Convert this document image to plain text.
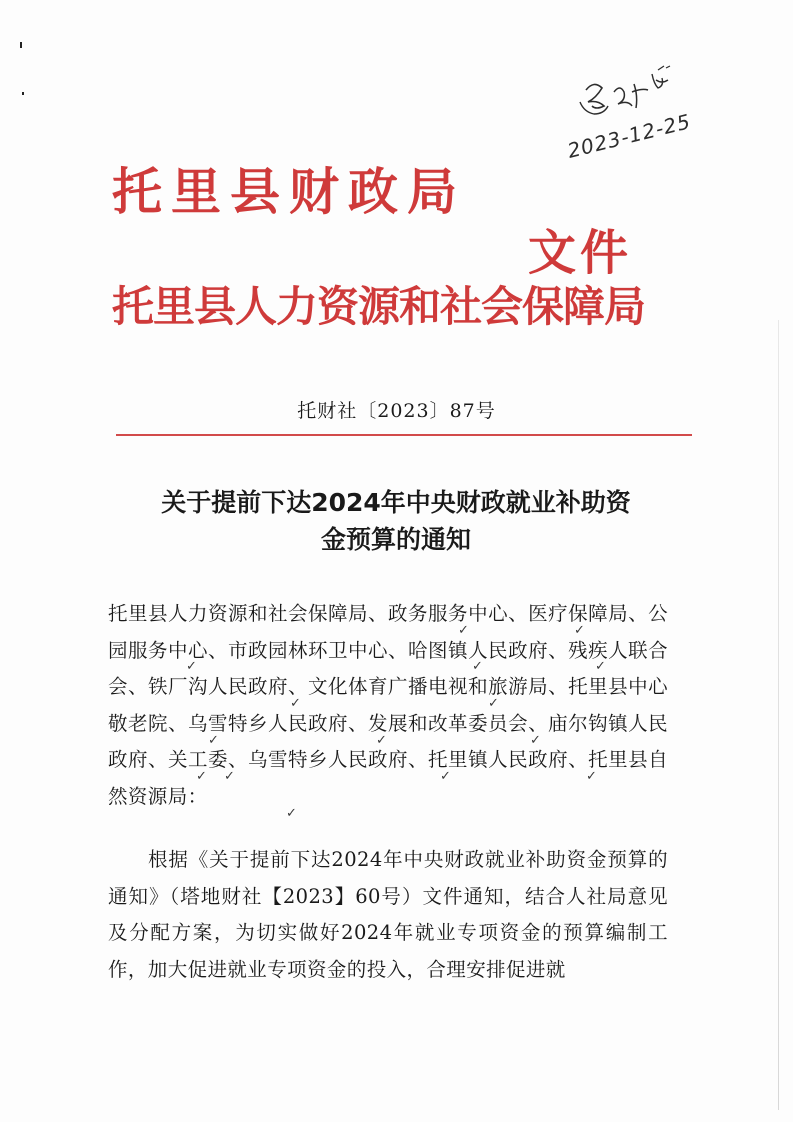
2023-12-25
托里县财政局
文件
托里县人力资源和社会保障局
托财社〔2023〕87号
关于提前下达2024年中央财政就业补助资
金预算的通知
托里县人力资源和社会保障局、政务服务中心、医疗保障局、公园服务中心、市政园林环卫中心、哈图镇人民政府、残疾人联合会、铁厂沟人民政府、文化体育广播电视和旅游局、托里县中心敬老院、乌雪特乡人民政府、发展和改革委员会、庙尔钩镇人民政府、关工委、乌雪特乡人民政府、托里镇人民政府、托里县自然资源局：
根据《关于提前下达2024年中央财政就业补助资金预算的通知》（塔地财社【2023】60号）文件通知，结合人社局意见及分配方案，为切实做好2024年就业专项资金的预算编制工作，加大促进就业专项资金的投入，合理安排促进就
✓	✓
✓	✓	✓
✓	✓
✓	✓	✓
✓ ✓	✓	✓
✓
